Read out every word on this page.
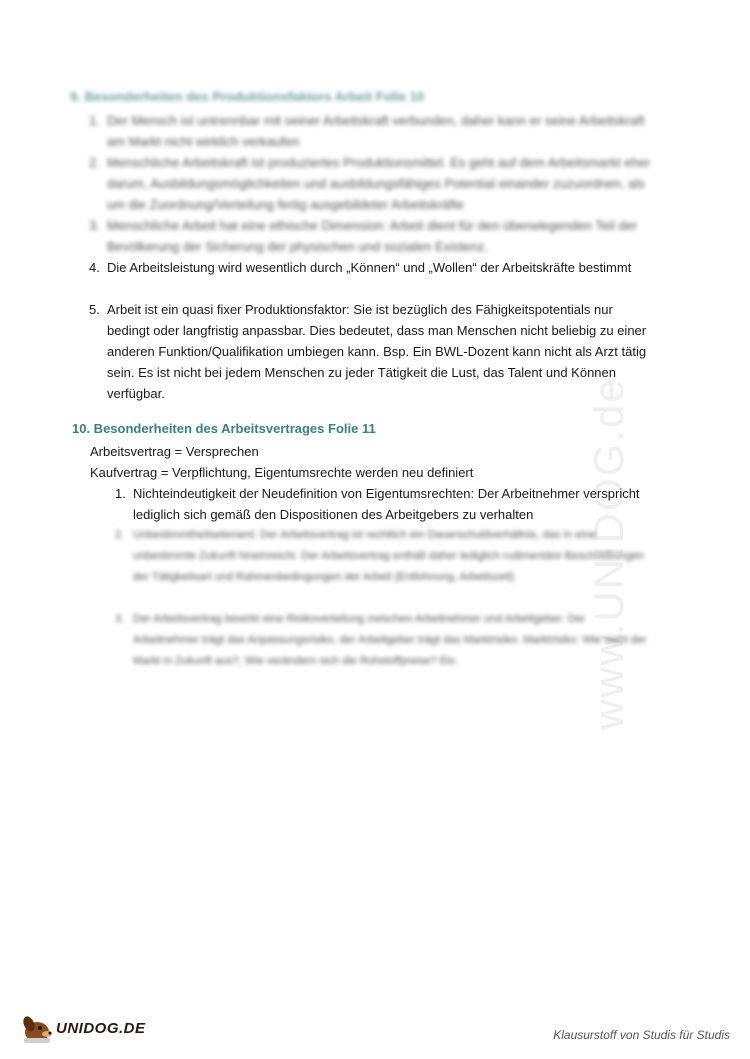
www.UNIDOG.de
9. Besonderheiten des Produktionsfaktors Arbeit Folie 10
1. Der Mensch ist untrennbar mit seiner Arbeitskraft verbunden, daher kann er seine Arbeitskraft am Markt nicht wirklich verkaufen
2. Menschliche Arbeitskraft ist produziertes Produktionsmittel. Es geht auf dem Arbeitsmarkt eher darum, Ausbildungsmöglichkeiten und ausbildungsfähiges Potential einander zuzuordnen, als um die Zuordnung/Verteilung fertig ausgebildeter Arbeitskräfte
3. Menschliche Arbeit hat eine ethische Dimension: Arbeit dient für den überwiegenden Teil der Bevölkerung der Sicherung der physischen und sozialen Existenz.
4. Die Arbeitsleistung wird wesentlich durch „Können“ und „Wollen“ der Arbeitskräfte bestimmt
5. Arbeit ist ein quasi fixer Produktionsfaktor: Sie ist bezüglich des Fähigkeitspotentials nur bedingt oder langfristig anpassbar. Dies bedeutet, dass man Menschen nicht beliebig zu einer anderen Funktion/Qualifikation umbiegen kann. Bsp. Ein BWL-Dozent kann nicht als Arzt tätig sein. Es ist nicht bei jedem Menschen zu jeder Tätigkeit die Lust, das Talent und Können verfügbar.
10. Besonderheiten des Arbeitsvertrages Folie 11
Arbeitsvertrag = Versprechen
Kaufvertrag = Verpflichtung, Eigentumsrechte werden neu definiert
1. Nichteindeutigkeit der Neudefinition von Eigentumsrechten: Der Arbeitnehmer verspricht lediglich sich gemäß den Dispositionen des Arbeitgebers zu verhalten
2. Unbestimmtheitselement: Der Arbeitsvertrag ist rechtlich ein Dauerschuldverhältnis, das in eine unbestimmte Zukunft hineinreicht. Der Arbeitsvertrag enthält daher lediglich rudimentäre Beschreibungen der Tätigkeitsart und Rahmenbedingungen der Arbeit (Entlohnung, Arbeitszeit)
3. Der Arbeitsvertrag bewirkt eine Risikoverteilung zwischen Arbeitnehmer und Arbeitgeber: Der Arbeitnehmer trägt das Anpassungsrisiko, der Arbeitgeber trägt das Marktrisiko. Marktrisiko: Wie sieht der Markt in Zukunft aus?, Wie verändern sich die Rohstoffpreise? Etc.
UNIDOG.DE	Klausurstoff von Studis für Studis
